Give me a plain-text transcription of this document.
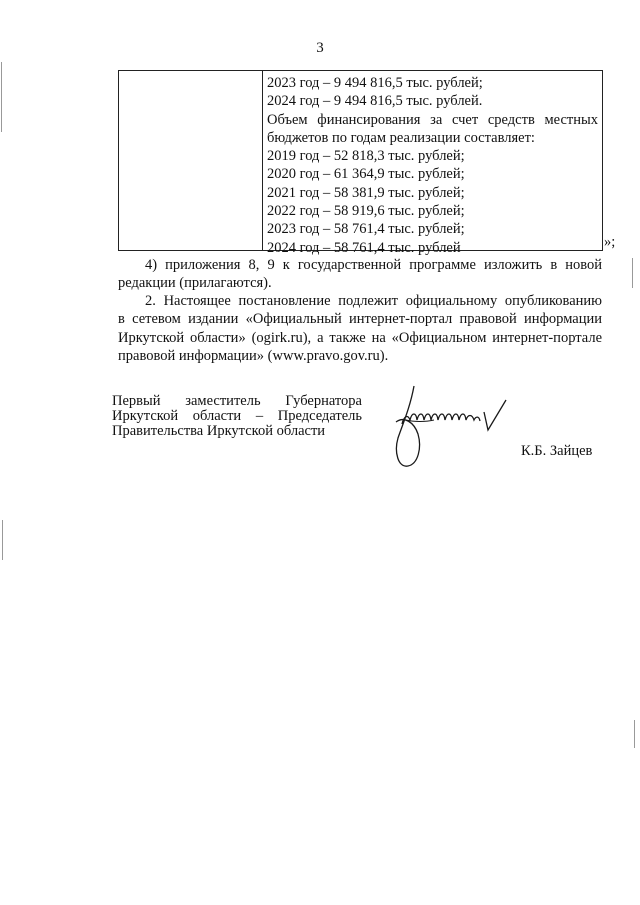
3
2023 год – 9 494 816,5 тыс. рублей;
2024 год – 9 494 816,5 тыс. рублей.
Объем финансирования за счет средств местных
бюджетов по годам реализации составляет:
2019 год – 52 818,3 тыс. рублей;
2020 год – 61 364,9 тыс. рублей;
2021 год – 58 381,9 тыс. рублей;
2022 год – 58 919,6 тыс. рублей;
2023 год – 58 761,4 тыс. рублей;
2024 год – 58 761,4 тыс. рублей	»;
4) приложения 8, 9 к государственной программе изложить в новой
редакции (прилагаются).
2. Настоящее постановление подлежит официальному опубликованию
в сетевом издании «Официальный интернет-портал правовой информации
Иркутской области» (ogirk.ru), а также на «Официальном интернет-портале
правовой информации» (www.pravo.gov.ru).
Первый заместитель Губернатора
Иркутской области – Председатель
Правительства Иркутской области
К.Б. Зайцев
